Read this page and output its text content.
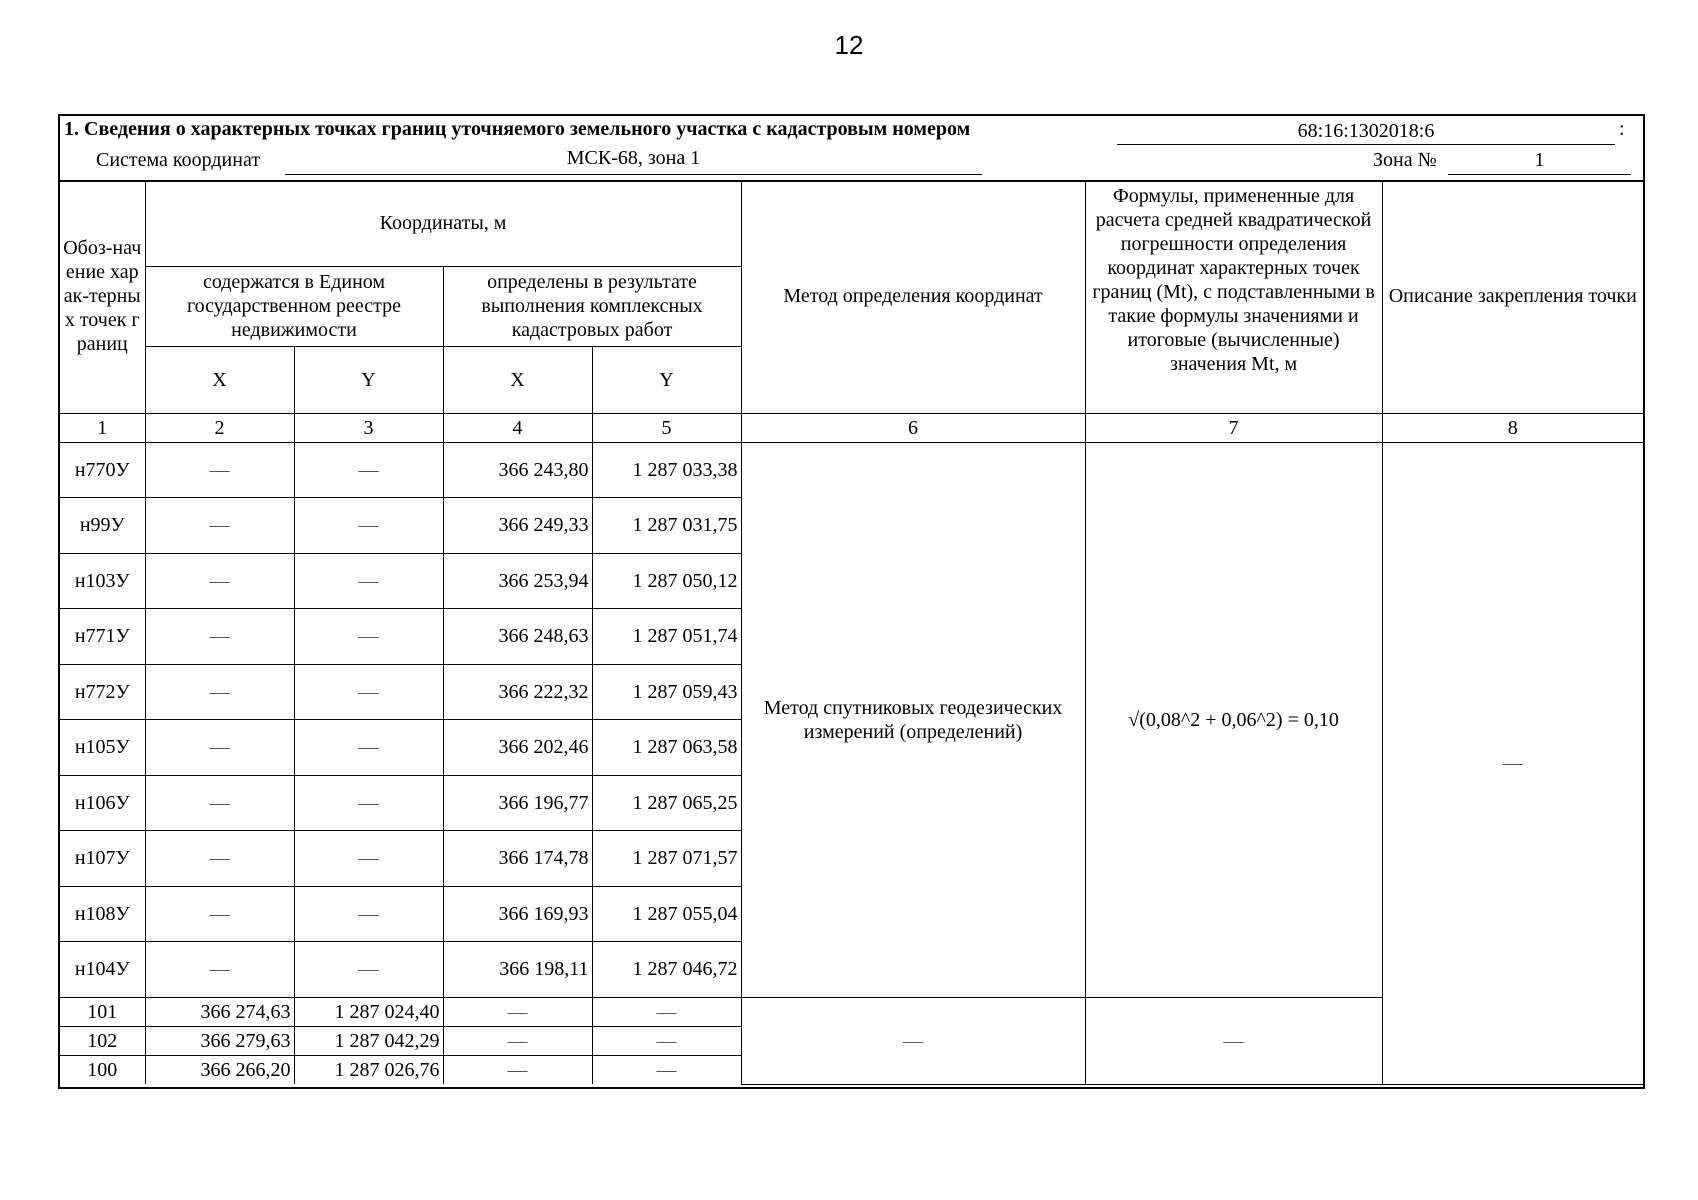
12
1. Сведения о характерных точках границ уточняемого земельного участка с кадастровым номером	68:16:1302018:6	:
Система координат	МСК-68, зона 1	Зона №	1
Обоз-начение харак-терных точек границ	Координаты, м				Метод определения координат	Формулы, примененные для расчета средней квадратической погрешности определения координат характерных точек границ (Mt), с подставленными в такие формулы значениями и итоговые (вычисленные) значения Mt, м	Описание закрепления точки
	содержатся в Едином государственном реестре недвижимости		определены в результате выполнения комплексных кадастровых работ				
	X	Y	X	Y			
1	2	3	4	5	6	7	8
н770У	—	—	366 243,80	1 287 033,38	Метод спутниковых геодезических измерений (определений)	√(0,08^2 + 0,06^2) = 0,10	—
н99У	—	—	366 249,33	1 287 031,75			
н103У	—	—	366 253,94	1 287 050,12			
н771У	—	—	366 248,63	1 287 051,74			
н772У	—	—	366 222,32	1 287 059,43			
н105У	—	—	366 202,46	1 287 063,58			
н106У	—	—	366 196,77	1 287 065,25			
н107У	—	—	366 174,78	1 287 071,57			
н108У	—	—	366 169,93	1 287 055,04			
н104У	—	—	366 198,11	1 287 046,72			
101	366 274,63	1 287 024,40	—	—	—	—	
102	366 279,63	1 287 042,29	—	—			
100	366 266,20	1 287 026,76	—	—			
